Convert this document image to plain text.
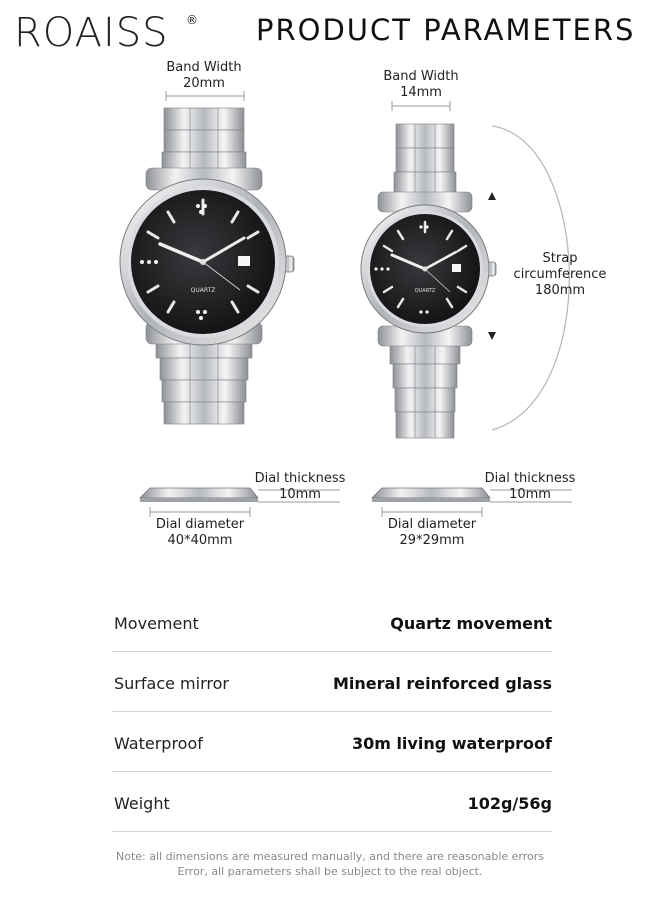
ROAISS ® PRODUCT PARAMETERS
QUARTZ	QUARTZ
Band Width
20mm	Band Width
14mm
Strap
circumference
180mm
Dial thickness
10mm
Dial thickness
10mm
Dial diameter
40*40mm
Dial diameter
29*29mm
Movement	Quartz movement
Surface mirror	Mineral reinforced glass
Waterproof	30m living waterproof
Weight	102g/56g
Note: all dimensions are measured manually, and there are reasonable errors
Error, all parameters shall be subject to the real object.
